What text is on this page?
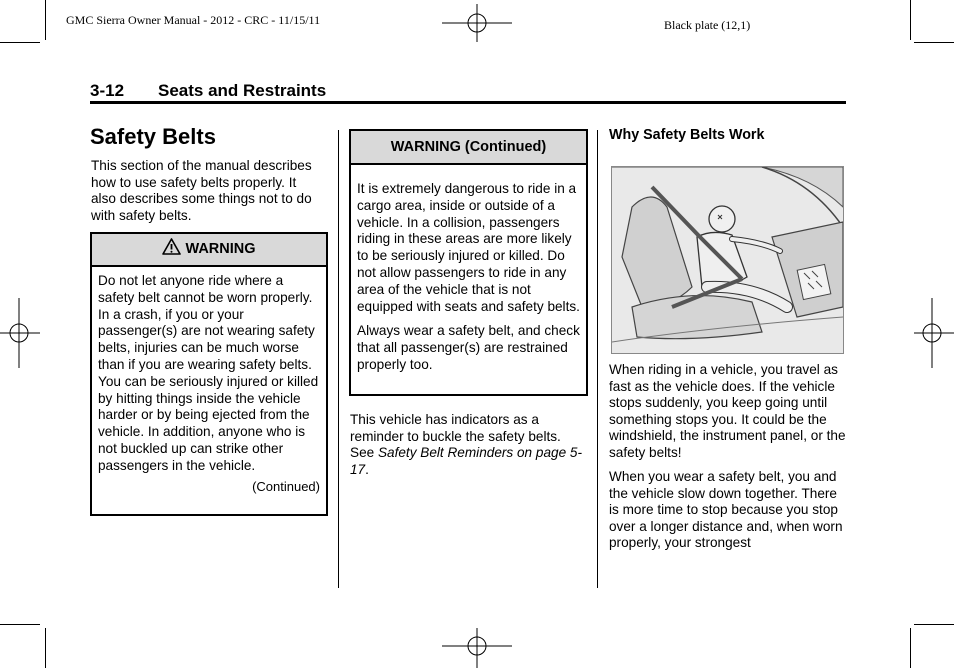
GMC Sierra Owner Manual - 2012 - CRC - 11/15/11	Black plate (12,1)
3-12 Seats and Restraints
Safety Belts

This section of the manual describes how to use safety belts properly. It also describes some things not to do with safety belts.

WARNING

Do not let anyone ride where a safety belt cannot be worn properly. In a crash, if you or your passenger(s) are not wearing safety belts, injuries can be much worse than if you are wearing safety belts. You can be seriously injured or killed by hitting things inside the vehicle harder or by being ejected from the vehicle. In addition, anyone who is not buckled up can strike other passengers in the vehicle.

(Continued)
WARNING (Continued)

It is extremely dangerous to ride in a cargo area, inside or outside of a vehicle. In a collision, passengers riding in these areas are more likely to be seriously injured or killed. Do not allow passengers to ride in any area of the vehicle that is not equipped with seats and safety belts.

Always wear a safety belt, and check that all passenger(s) are restrained properly too.

This vehicle has indicators as a reminder to buckle the safety belts. See Safety Belt Reminders on page 5-17.

Why Safety Belts Work

When riding in a vehicle, you travel as fast as the vehicle does. If the vehicle stops suddenly, you keep going until something stops you. It could be the windshield, the instrument panel, or the safety belts!

When you wear a safety belt, you and the vehicle slow down together. There is more time to stop because you stop over a longer distance and, when worn properly, your strongest
